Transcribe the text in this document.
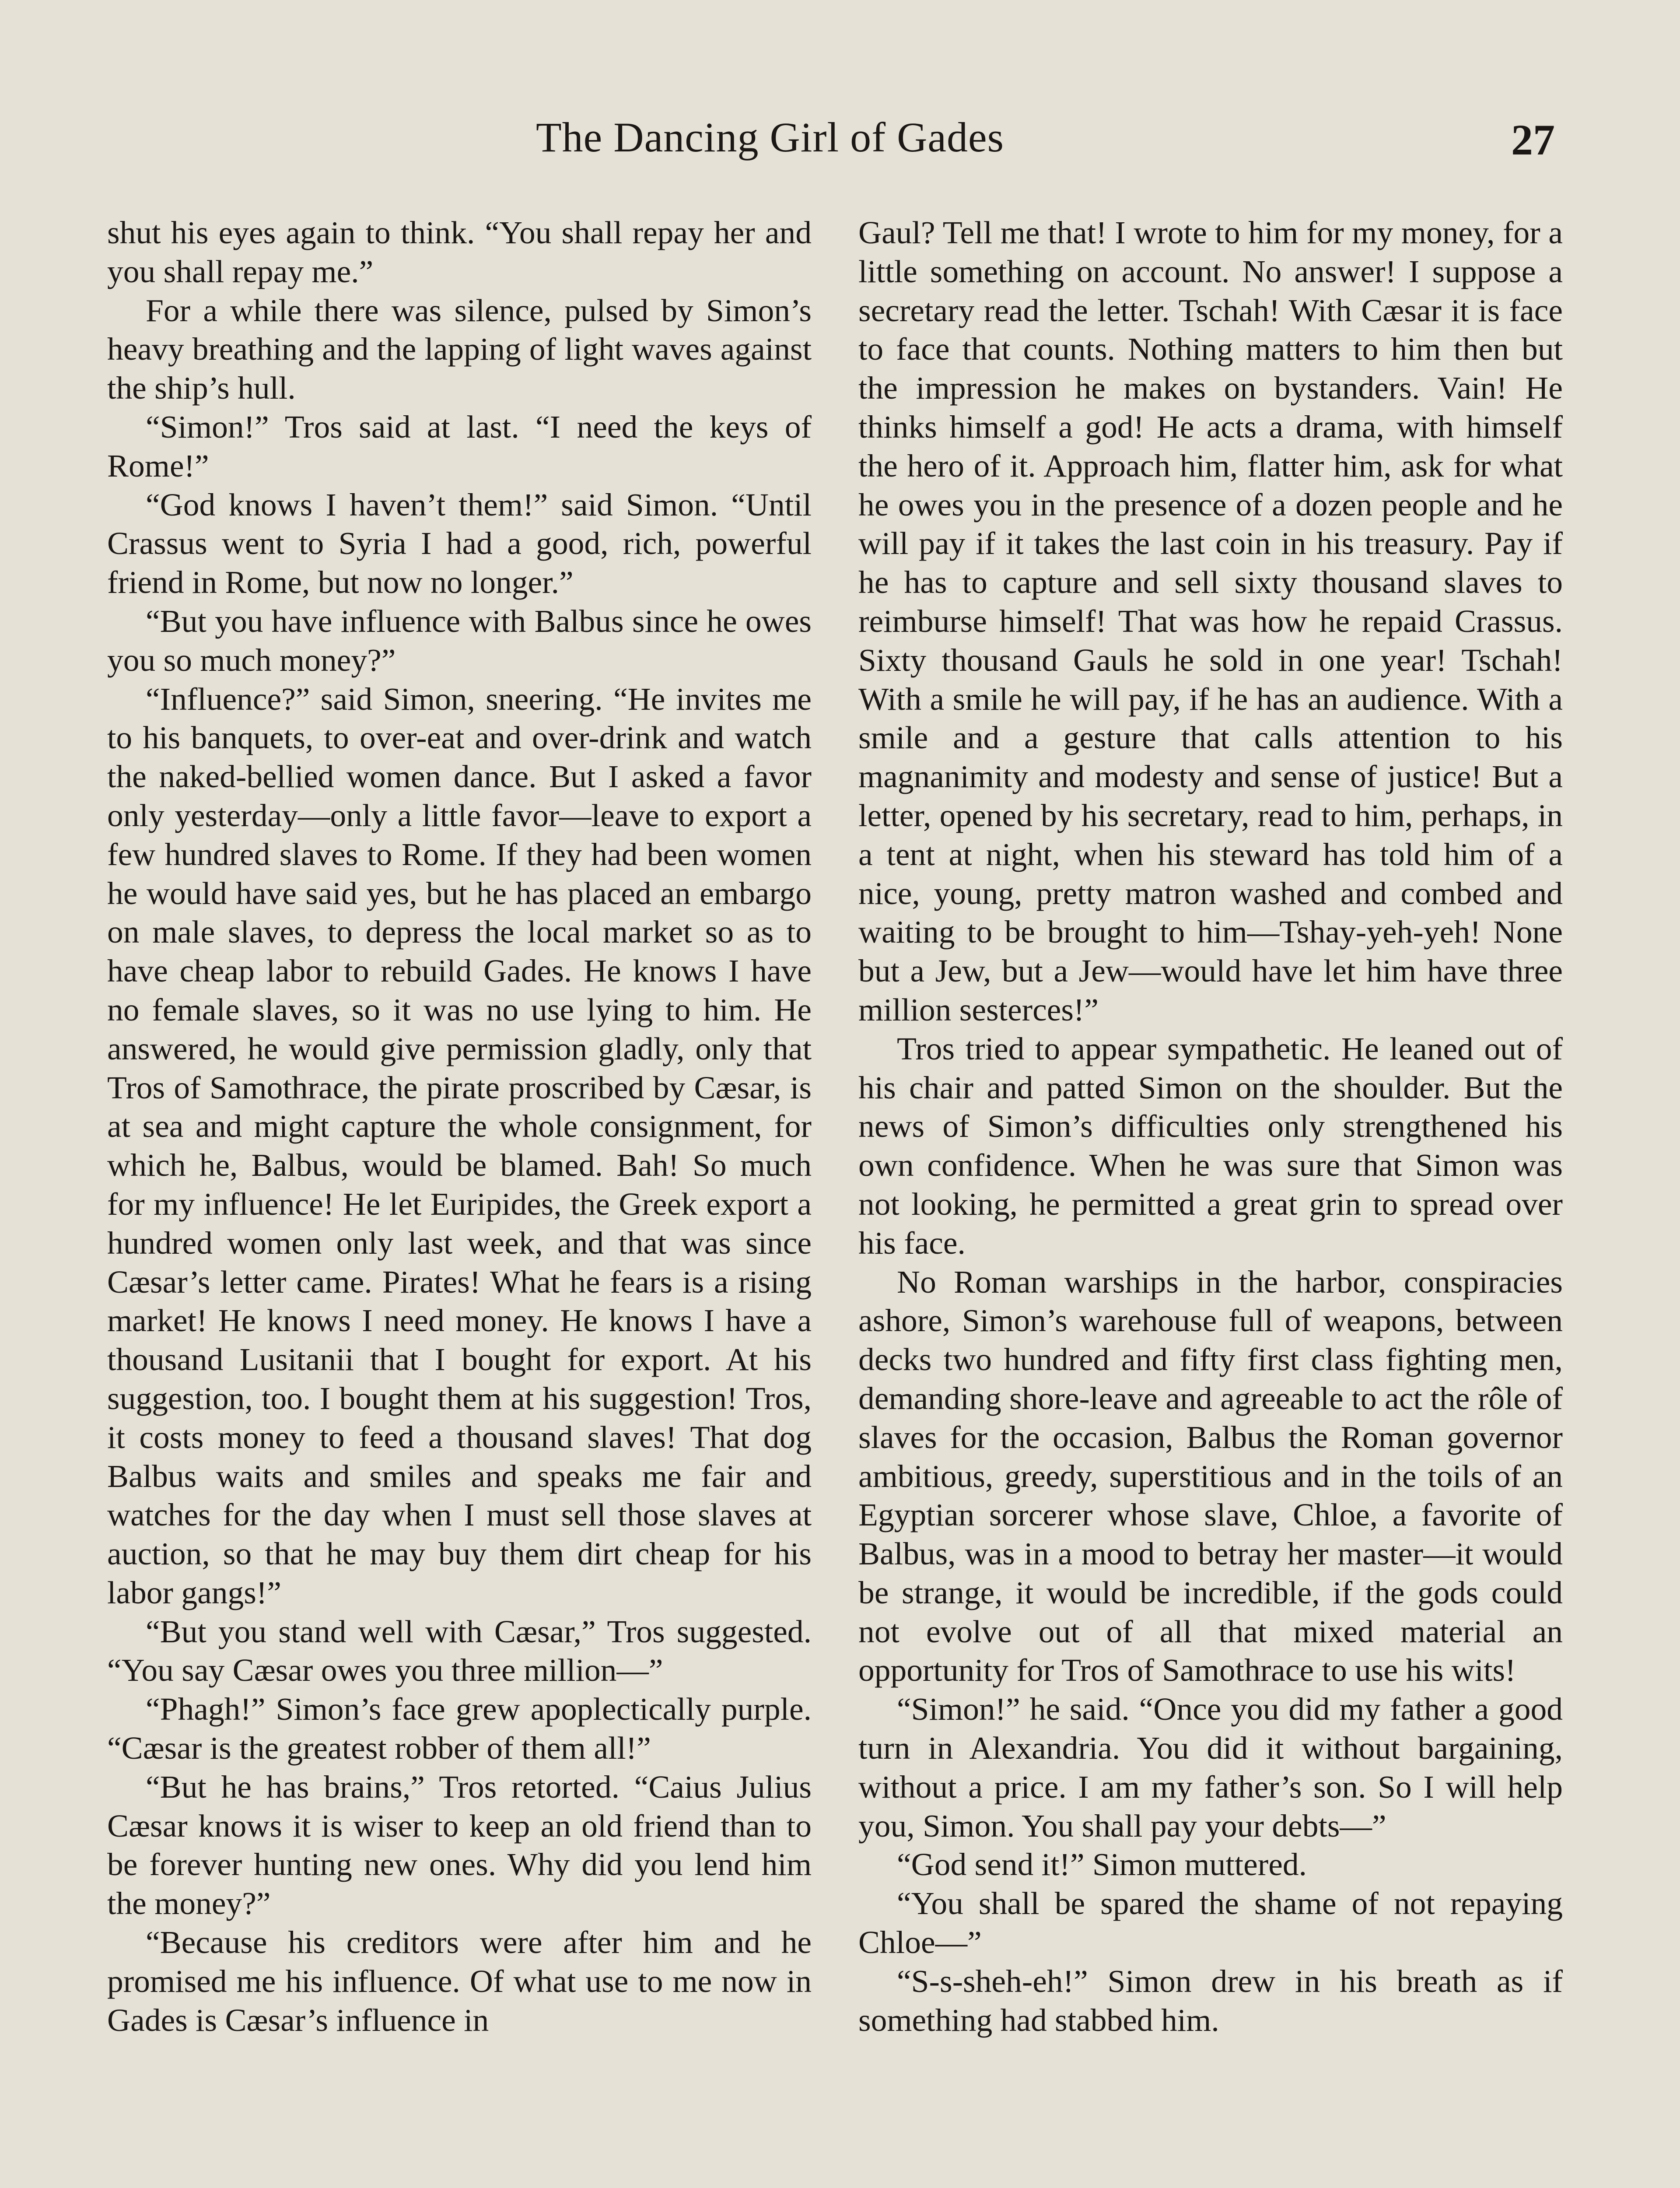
The Dancing Girl of Gades	27

shut his eyes again to think. “You shall repay her and you shall repay me.”

For a while there was silence, pulsed by Simon’s heavy breathing and the lapping of light waves against the ship’s hull.

“Simon!” Tros said at last. “I need the keys of Rome!”

“God knows I haven’t them!” said Simon. “Until Crassus went to Syria I had a good, rich, powerful friend in Rome, but now no longer.”

“But you have influence with Balbus since he owes you so much money?”

“Influence?” said Simon, sneering. “He invites me to his banquets, to over-eat and over-drink and watch the naked-bellied women dance. But I asked a favor only yesterday—only a little favor—leave to export a few hundred slaves to Rome. If they had been women he would have said yes, but he has placed an embargo on male slaves, to depress the local market so as to have cheap labor to rebuild Gades. He knows I have no female slaves, so it was no use lying to him. He answered, he would give permission gladly, only that Tros of Samothrace, the pirate proscribed by Cæsar, is at sea and might capture the whole consignment, for which he, Balbus, would be blamed. Bah! So much for my influence! He let Euripides, the Greek export a hundred women only last week, and that was since Cæsar’s letter came. Pirates! What he fears is a rising market! He knows I need money. He knows I have a thousand Lusitanii that I bought for export. At his suggestion, too. I bought them at his suggestion! Tros, it costs money to feed a thousand slaves! That dog Balbus waits and smiles and speaks me fair and watches for the day when I must sell those slaves at auction, so that he may buy them dirt cheap for his labor gangs!”

“But you stand well with Cæsar,” Tros suggested. “You say Cæsar owes you three million—”

“Phagh!” Simon’s face grew apoplectically purple. “Cæsar is the greatest robber of them all!”

“But he has brains,” Tros retorted. “Caius Julius Cæsar knows it is wiser to keep an old friend than to be forever hunting new ones. Why did you lend him the money?”

“Because his creditors were after him and he promised me his influence. Of what use to me now in Gades is Cæsar’s influence in

Gaul? Tell me that! I wrote to him for my money, for a little something on account. No answer! I suppose a secretary read the letter. Tschah! With Cæsar it is face to face that counts. Nothing matters to him then but the impression he makes on bystanders. Vain! He thinks himself a god! He acts a drama, with himself the hero of it. Approach him, flatter him, ask for what he owes you in the presence of a dozen people and he will pay if it takes the last coin in his treasury. Pay if he has to capture and sell sixty thousand slaves to reimburse himself! That was how he repaid Crassus. Sixty thousand Gauls he sold in one year! Tschah! With a smile he will pay, if he has an audience. With a smile and a gesture that calls attention to his magnanimity and modesty and sense of justice! But a letter, opened by his secretary, read to him, perhaps, in a tent at night, when his steward has told him of a nice, young, pretty matron washed and combed and waiting to be brought to him—Tshay-yeh-yeh! None but a Jew, but a Jew—would have let him have three million sesterces!”

Tros tried to appear sympathetic. He leaned out of his chair and patted Simon on the shoulder. But the news of Simon’s difficulties only strengthened his own confidence. When he was sure that Simon was not looking, he permitted a great grin to spread over his face.

No Roman warships in the harbor, conspiracies ashore, Simon’s warehouse full of weapons, between decks two hundred and fifty first class fighting men, demanding shore-leave and agreeable to act the rôle of slaves for the occasion, Balbus the Roman governor ambitious, greedy, superstitious and in the toils of an Egyptian sorcerer whose slave, Chloe, a favorite of Balbus, was in a mood to betray her master—it would be strange, it would be incredible, if the gods could not evolve out of all that mixed material an opportunity for Tros of Samothrace to use his wits!

“Simon!” he said. “Once you did my father a good turn in Alexandria. You did it without bargaining, without a price. I am my father’s son. So I will help you, Simon. You shall pay your debts—”

“God send it!” Simon muttered.

“You shall be spared the shame of not repaying Chloe—”

“S-s-sheh-eh!” Simon drew in his breath as if something had stabbed him.
